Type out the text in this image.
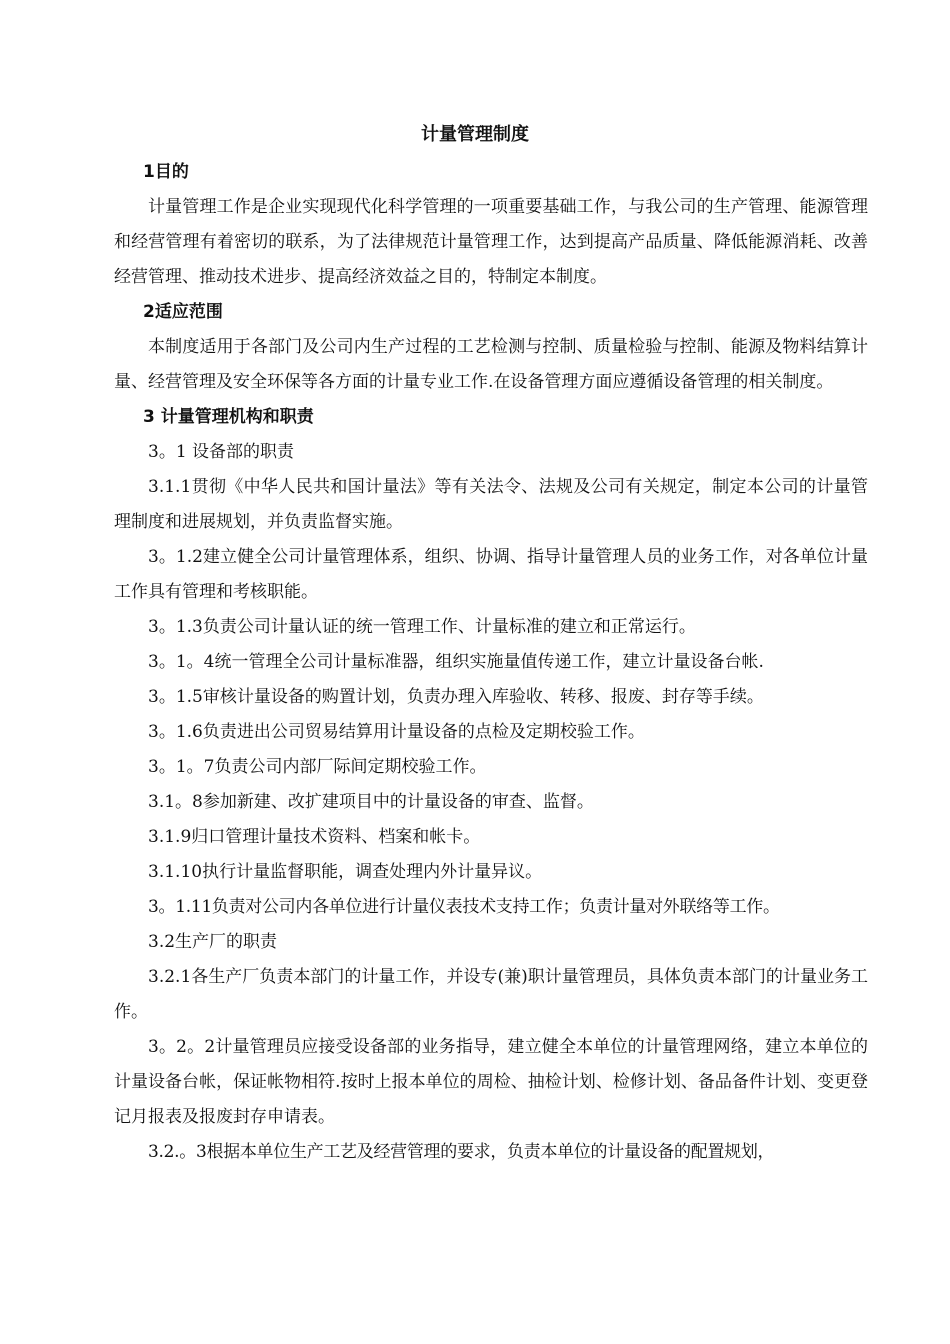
计量管理制度
1目的
计量管理工作是企业实现现代化科学管理的一项重要基础工作，与我公司的生产管理、能源管理和经营管理有着密切的联系，为了法律规范计量管理工作，达到提高产品质量、降低能源消耗、改善经营管理、推动技术进步、提高经济效益之目的，特制定本制度。
2适应范围
本制度适用于各部门及公司内生产过程的工艺检测与控制、质量检验与控制、能源及物料结算计量、经营管理及安全环保等各方面的计量专业工作.在设备管理方面应遵循设备管理的相关制度。
3 计量管理机构和职责
3。1 设备部的职责
3.1.1贯彻《中华人民共和国计量法》等有关法令、法规及公司有关规定，制定本公司的计量管理制度和进展规划，并负责监督实施。
3。1.2建立健全公司计量管理体系，组织、协调、指导计量管理人员的业务工作，对各单位计量工作具有管理和考核职能。
3。1.3负责公司计量认证的统一管理工作、计量标准的建立和正常运行。
3。1。4统一管理全公司计量标准器，组织实施量值传递工作，建立计量设备台帐.
3。1.5审核计量设备的购置计划，负责办理入库验收、转移、报废、封存等手续。
3。1.6负责进出公司贸易结算用计量设备的点检及定期校验工作。
3。1。7负责公司内部厂际间定期校验工作。
3.1。8参加新建、改扩建项目中的计量设备的审查、监督。
3.1.9归口管理计量技术资料、档案和帐卡。
3.1.10执行计量监督职能，调查处理内外计量异议。
3。1.11负责对公司内各单位进行计量仪表技术支持工作；负责计量对外联络等工作。
3.2生产厂的职责
3.2.1各生产厂负责本部门的计量工作，并设专(兼)职计量管理员，具体负责本部门的计量业务工作。
3。2。2计量管理员应接受设备部的业务指导，建立健全本单位的计量管理网络，建立本单位的计量设备台帐，保证帐物相符.按时上报本单位的周检、抽检计划、检修计划、备品备件计划、变更登记月报表及报废封存申请表。
3.2.。3根据本单位生产工艺及经营管理的要求，负责本单位的计量设备的配置规划，
